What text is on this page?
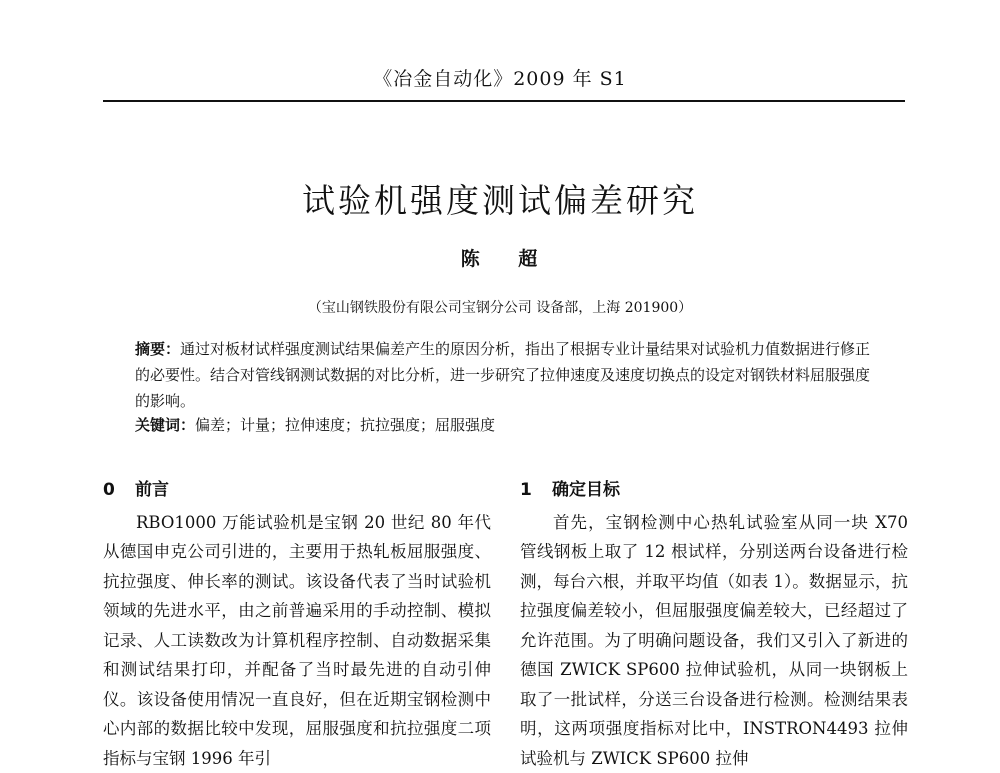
《冶金自动化》2009 年 S1
试验机强度测试偏差研究
陈 超
（宝山钢铁股份有限公司宝钢分公司 设备部，上海 201900）

摘要：通过对板材试样强度测试结果偏差产生的原因分析，指出了根据专业计量结果对试验机力值数据进行修正的必要性。结合对管线钢测试数据的对比分析，进一步研究了拉伸速度及速度切换点的设定对钢铁材料屈服强度的影响。

关键词：偏差；计量；拉伸速度；抗拉强度；屈服强度
0 前言

RBO1000 万能试验机是宝钢 20 世纪 80 年代从德国申克公司引进的，主要用于热轧板屈服强度、抗拉强度、伸长率的测试。该设备代表了当时试验机领域的先进水平，由之前普遍采用的手动控制、模拟记录、人工读数改为计算机程序控制、自动数据采集和测试结果打印，并配备了当时最先进的自动引伸仪。该设备使用情况一直良好，但在近期宝钢检测中心内部的数据比较中发现，屈服强度和抗拉强度二项指标与宝钢 1996 年引

1 确定目标

首先，宝钢检测中心热轧试验室从同一块 X70 管线钢板上取了 12 根试样，分别送两台设备进行检测，每台六根，并取平均值（如表 1）。数据显示，抗拉强度偏差较小，但屈服强度偏差较大，已经超过了允许范围。为了明确问题设备，我们又引入了新进的德国 ZWICK SP600 拉伸试验机，从同一块钢板上取了一批试样，分送三台设备进行检测。检测结果表明，这两项强度指标对比中，INSTRON4493 拉伸试验机与 ZWICK SP600 拉伸
